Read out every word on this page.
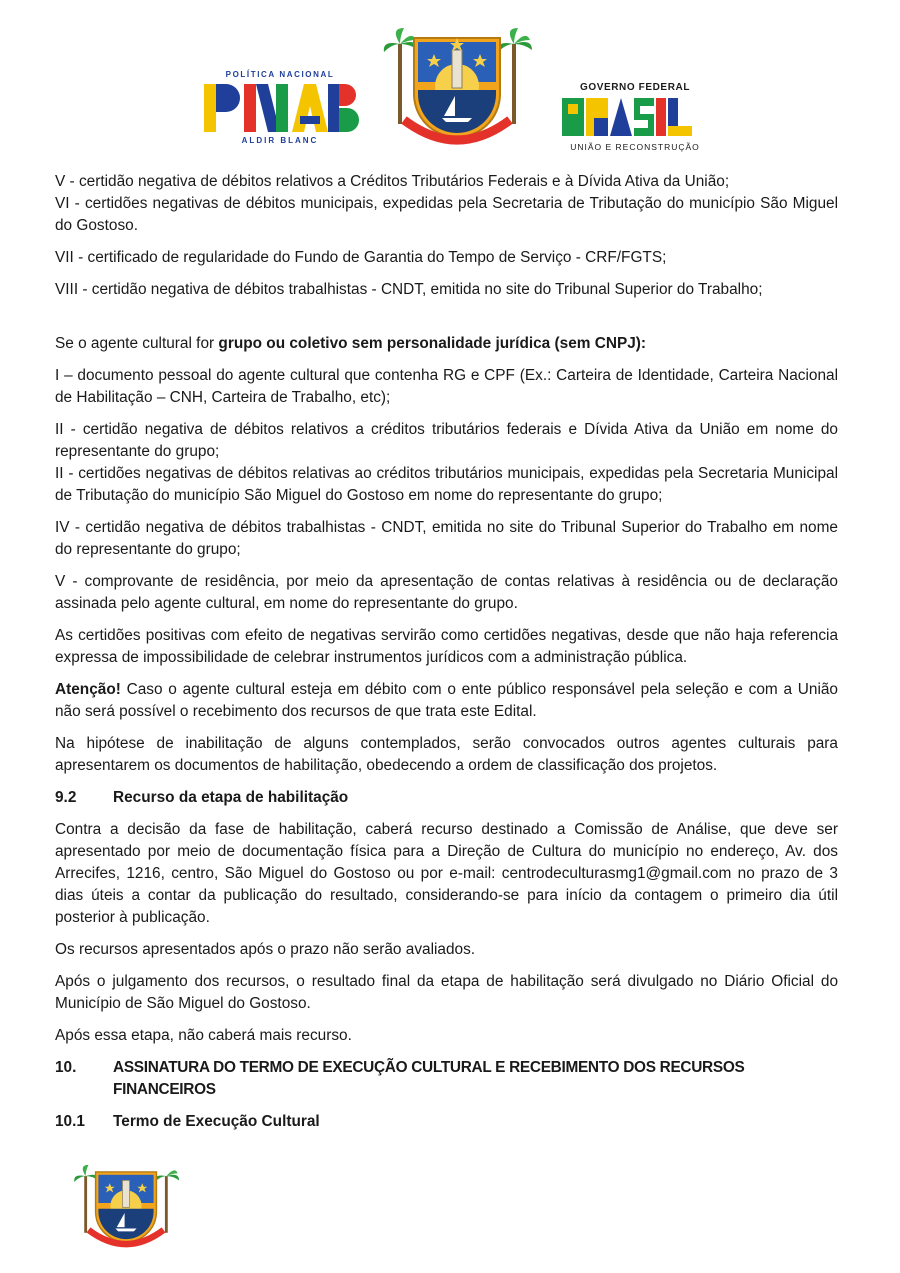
POLÍTICA NACIONAL
ALDIR BLANC
GOVERNO FEDERAL
UNIÃO E RECONSTRUÇÃO

V - certidão negativa de débitos relativos a Créditos Tributários Federais e à Dívida Ativa da União;

VI - certidões negativas de débitos municipais, expedidas pela Secretaria de Tributação do município São Miguel do Gostoso.

VII - certificado de regularidade do Fundo de Garantia do Tempo de Serviço - CRF/FGTS;

VIII - certidão negativa de débitos trabalhistas - CNDT, emitida no site do Tribunal Superior do Trabalho;

Se o agente cultural for grupo ou coletivo sem personalidade jurídica (sem CNPJ):

I – documento pessoal do agente cultural que contenha RG e CPF (Ex.: Carteira de Identidade, Carteira Nacional de Habilitação – CNH, Carteira de Trabalho, etc);

II - certidão negativa de débitos relativos a créditos tributários federais e Dívida Ativa da União em nome do representante do grupo;

II - certidões negativas de débitos relativas ao créditos tributários municipais, expedidas pela Secretaria Municipal de Tributação do município São Miguel do Gostoso em nome do representante do grupo;

IV - certidão negativa de débitos trabalhistas - CNDT, emitida no site do Tribunal Superior do Trabalho em nome do representante do grupo;

V - comprovante de residência, por meio da apresentação de contas relativas à residência ou de declaração assinada pelo agente cultural, em nome do representante do grupo.

As certidões positivas com efeito de negativas servirão como certidões negativas, desde que não haja referencia expressa de impossibilidade de celebrar instrumentos jurídicos com a administração pública.

Atenção! Caso o agente cultural esteja em débito com o ente público responsável pela seleção e com a União não será possível o recebimento dos recursos de que trata este Edital.

Na hipótese de inabilitação de alguns contemplados, serão convocados outros agentes culturais para apresentarem os documentos de habilitação, obedecendo a ordem de classificação dos projetos.

9.2	Recurso da etapa de habilitação

Contra a decisão da fase de habilitação, caberá recurso destinado a Comissão de Análise, que deve ser apresentado por meio de documentação física para a Direção de Cultura do município no endereço, Av. dos Arrecifes, 1216, centro, São Miguel do Gostoso ou por e-mail: centrodeculturasmg1@gmail.com no prazo de 3 dias úteis a contar da publicação do resultado, considerando-se para início da contagem o primeiro dia útil posterior à publicação.

Os recursos apresentados após o prazo não serão avaliados.

Após o julgamento dos recursos, o resultado final da etapa de habilitação será divulgado no Diário Oficial do Município de São Miguel do Gostoso.

Após essa etapa, não caberá mais recurso.

10.	ASSINATURA DO TERMO DE EXECUÇÃO CULTURAL E RECEBIMENTO DOS RECURSOS FINANCEIROS
10.1	Termo de Execução Cultural
